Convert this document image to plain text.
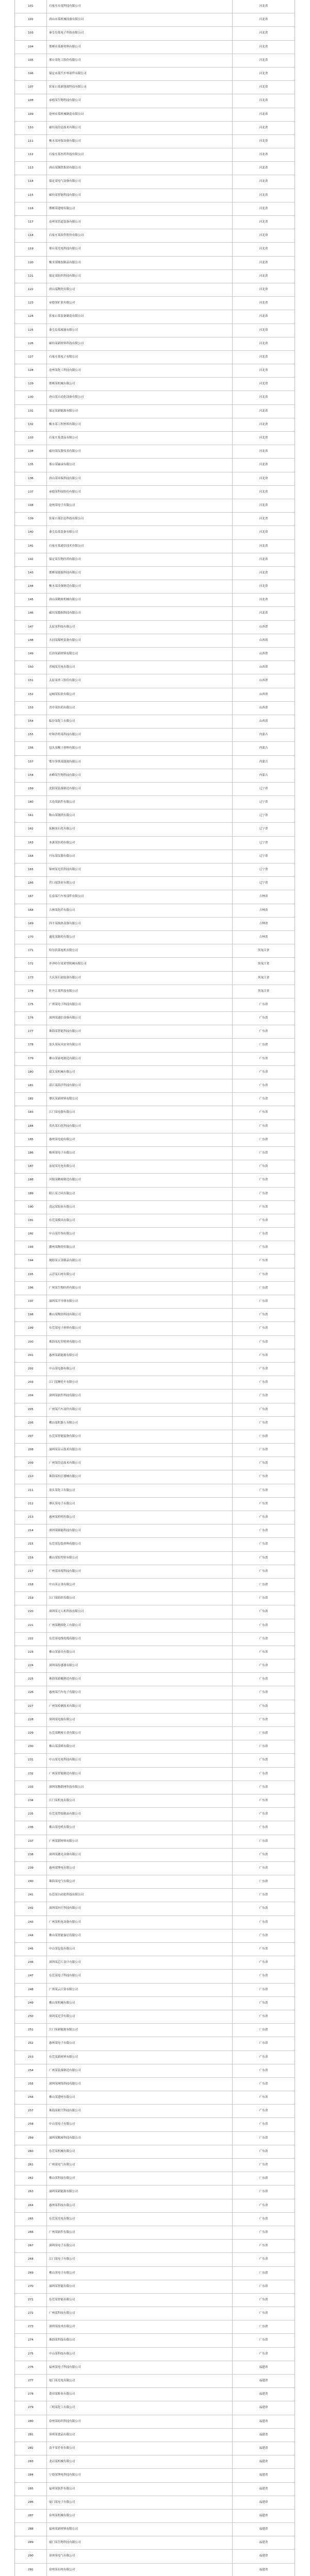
101	石家庄市某科技有限公司	河北省
102	唐山市某机械设备有限公司	河北省
103	秦皇岛某电子科技有限公司	河北省
104	邯郸市某新材料有限公司	河北省
105	邢台某化工股份有限公司	河北省
106	保定市某汽车零部件有限公司	河北省
107	张家口某新能源科技有限公司	河北省
108	承德某生物科技有限公司	河北省
109	沧州市某机械制造有限公司	河北省
110	廊坊某信息技术有限公司	河北省
111	衡水某环保设备有限公司	河北省
112	石家庄某医药科技有限公司	河北省
113	唐山某钢铁集团有限公司	河北省
114	保定某电气设备有限公司	河北省
115	廊坊某智能科技有限公司	河北省
116	邯郸某建材有限公司	河北省
117	沧州某管道装备有限公司	河北省
118	石家庄某软件股份有限公司	河北省
119	邢台某光电科技有限公司	河北省
120	衡水某橡胶制品有限公司	河北省
121	保定某纺织科技有限公司	河北省
122	唐山某陶瓷有限公司	河北省
123	承德某矿业有限公司	河北省
124	张家口某装备制造有限公司	河北省
125	秦皇岛某玻璃有限公司	河北省
126	廊坊某新材料科技有限公司	河北省
127	石家庄某电子有限公司	河北省
128	沧州某化工科技有限公司	河北省
129	邯郸某机械有限公司	河北省
130	唐山某自动化设备有限公司	河北省
131	保定某新能源有限公司	河北省
132	衡水某工程材料有限公司	河北省
133	石家庄某食品有限公司	河北省
134	廊坊某仪器仪表有限公司	河北省
135	邢台某轴承有限公司	河北省
136	唐山某环保科技有限公司	河北省
137	承德某科技股份有限公司	河北省
138	沧州某电子有限公司	河北省
139	张家口某信息科技有限公司	河北省
140	秦皇岛某装备有限公司	河北省
141	石家庄某通信技术有限公司	河北省
142	保定某生物医药有限公司	河北省
143	邯郸某能源科技有限公司	河北省
144	衡水某设备制造有限公司	河北省
145	唐山某精密机械有限公司	河北省
146	廊坊某数据科技有限公司	河北省
147	太原某科技有限公司	山西省
148	大同某煤机装备有限公司	山西省
149	长治某新材料有限公司	山西省
150	晋城某光电有限公司	山西省
151	太原某重工股份有限公司	山西省
152	运城某铝业有限公司	山西省
153	晋中某医药有限公司	山西省
154	临汾某化工有限公司	山西省
155	呼和浩特某科技有限公司	内蒙古
156	包头某稀土材料有限公司	内蒙古
157	鄂尔多斯某能源有限公司	内蒙古
158	赤峰某生物科技有限公司	内蒙古
159	沈阳某装备制造有限公司	辽宁省
160	大连某软件有限公司	辽宁省
161	鞍山某钢铁有限公司	辽宁省
162	抚顺某石化有限公司	辽宁省
163	本溪某医药有限公司	辽宁省
164	丹东某仪器有限公司	辽宁省
165	锦州某光伏科技有限公司	辽宁省
166	营口某镁业有限公司	辽宁省
167	长春某汽车零部件有限公司	吉林省
168	吉林某化纤有限公司	吉林省
169	四平某换热设备有限公司	吉林省
170	通化某制药有限公司	吉林省
171	哈尔滨某电机有限公司	黑龙江省
172	齐齐哈尔某重型机械有限公司	黑龙江省
173	大庆某石油装备有限公司	黑龙江省
174	牡丹江某科技有限公司	黑龙江省
175	广州某电子科技有限公司	广东省
176	深圳某通信设备有限公司	广东省
177	珠海某智能科技有限公司	广东省
178	汕头某玩具实业有限公司	广东省
179	佛山某家电制造有限公司	广东省
180	韶关某机械有限公司	广东省
181	湛江某海洋科技有限公司	广东省
182	肇庆某新材料有限公司	广东省
183	江门某电器有限公司	广东省
184	茂名某石化科技有限公司	广东省
185	惠州某电池有限公司	广东省
186	梅州某电子有限公司	广东省
187	汕尾某光电有限公司	广东省
188	河源某精密制造有限公司	广东省
189	阳江某刀具有限公司	广东省
190	清远某铝业有限公司	广东省
191	东莞某模具有限公司	广东省
192	中山某灯饰有限公司	广东省
193	潮州某陶瓷有限公司	广东省
194	揭阳某五金制品有限公司	广东省
195	云浮某石材有限公司	广东省
196	广州某生物医药有限公司	广东省
197	深圳某半导体有限公司	广东省
198	佛山某陶瓷科技有限公司	广东省
199	东莞某电子材料有限公司	广东省
200	珠海某打印耗材有限公司	广东省
201	惠州某新能源有限公司	广东省
202	中山某电器有限公司	广东省
203	江门某摩托车有限公司	广东省
204	深圳某软件科技有限公司	广东省
205	广州某汽车部件有限公司	广东省
206	佛山某机器人有限公司	广东省
207	东莞某智能装备有限公司	广东省
208	深圳某显示技术有限公司	广东省
209	广州某信息技术有限公司	广东省
210	珠海某医疗器械有限公司	广东省
211	汕头某化工有限公司	广东省
212	肇庆某电子有限公司	广东省
213	惠州某照明有限公司	广东省
214	深圳某储能科技有限公司	广东省
215	东莞某包装材料有限公司	广东省
216	佛山某铝型材有限公司	广东省
217	广州某环境科技有限公司	广东省
218	中山某五金有限公司	广东省
219	江门某纺织有限公司	广东省
220	深圳某无人机科技有限公司	广东省
221	广州某精细化工有限公司	广东省
222	东莞某电线电缆有限公司	广东省
223	佛山某家具有限公司	广东省
224	深圳某传感器有限公司	广东省
225	珠海某游艇制造有限公司	广东省
226	惠州某汽车电子有限公司	广东省
227	广州某检测技术有限公司	广东省
228	深圳某电源有限公司	广东省
229	东莞某精密五金有限公司	广东省
230	佛山某涂料有限公司	广东省
231	中山某光电科技有限公司	广东省
232	广州某智能制造有限公司	广东省
233	深圳某物联网科技有限公司	广东省
234	江门某机电有限公司	广东省
235	东莞某塑胶制品有限公司	广东省
236	佛山某电机有限公司	广东省
237	广州某新材料有限公司	广东省
238	深圳某激光设备有限公司	广东省
239	惠州某锂电有限公司	广东省
240	珠海某电气有限公司	广东省
241	东莞某自动化科技有限公司	广东省
242	深圳某医疗科技有限公司	广东省
243	广州某机电设备有限公司	广东省
244	佛山某智能家居有限公司	广东省
245	中山某包装有限公司	广东省
246	深圳某芯片设计有限公司	广东省
247	东莞某电子科技有限公司	广东省
248	广州某云计算有限公司	广东省
249	佛山某机械有限公司	广东省
250	深圳某光学有限公司	广东省
251	江门某新能源有限公司	广东省
252	惠州某电子有限公司	广东省
253	东莞某新材料有限公司	广东省
254	广州某装备制造有限公司	广东省
255	深圳某网络科技有限公司	广东省
256	佛山某建材有限公司	广东省
257	珠海某航空科技有限公司	广东省
258	中山某电子有限公司	广东省
259	深圳某精密科技有限公司	广东省
260	东莞某机械有限公司	广东省
261	广州某电气有限公司	广东省
262	佛山某科技有限公司	广东省
263	深圳某新能源有限公司	广东省
264	惠州某科技有限公司	广东省
265	东莞某光电有限公司	广东省
266	广州某软件有限公司	广东省
267	深圳某电子有限公司	广东省
268	江门某电子有限公司	广东省
269	佛山某电子有限公司	广东省
270	深圳某智能有限公司	广东省
271	东莞某智能有限公司	广东省
272	广州某科技有限公司	广东省
273	深圳某技术有限公司	广东省
274	珠海某科技有限公司	广东省
275	中山某科技有限公司	广东省
276	福州某电子科技有限公司	福建省
277	厦门某光电有限公司	福建省
278	莆田某鞋业有限公司	福建省
279	三明某化工有限公司	福建省
280	泉州某纺织科技有限公司	福建省
281	漳州某食品有限公司	福建省
282	南平某竹业有限公司	福建省
283	龙岩某机械有限公司	福建省
284	宁德某锂电科技有限公司	福建省
285	福州某软件有限公司	福建省
286	厦门某电子有限公司	福建省
287	泉州某机械有限公司	福建省
288	福州某新材料有限公司	福建省
289	厦门某生物科技有限公司	福建省
290	漳州某电气有限公司	福建省
291	泉州某石材有限公司	福建省
